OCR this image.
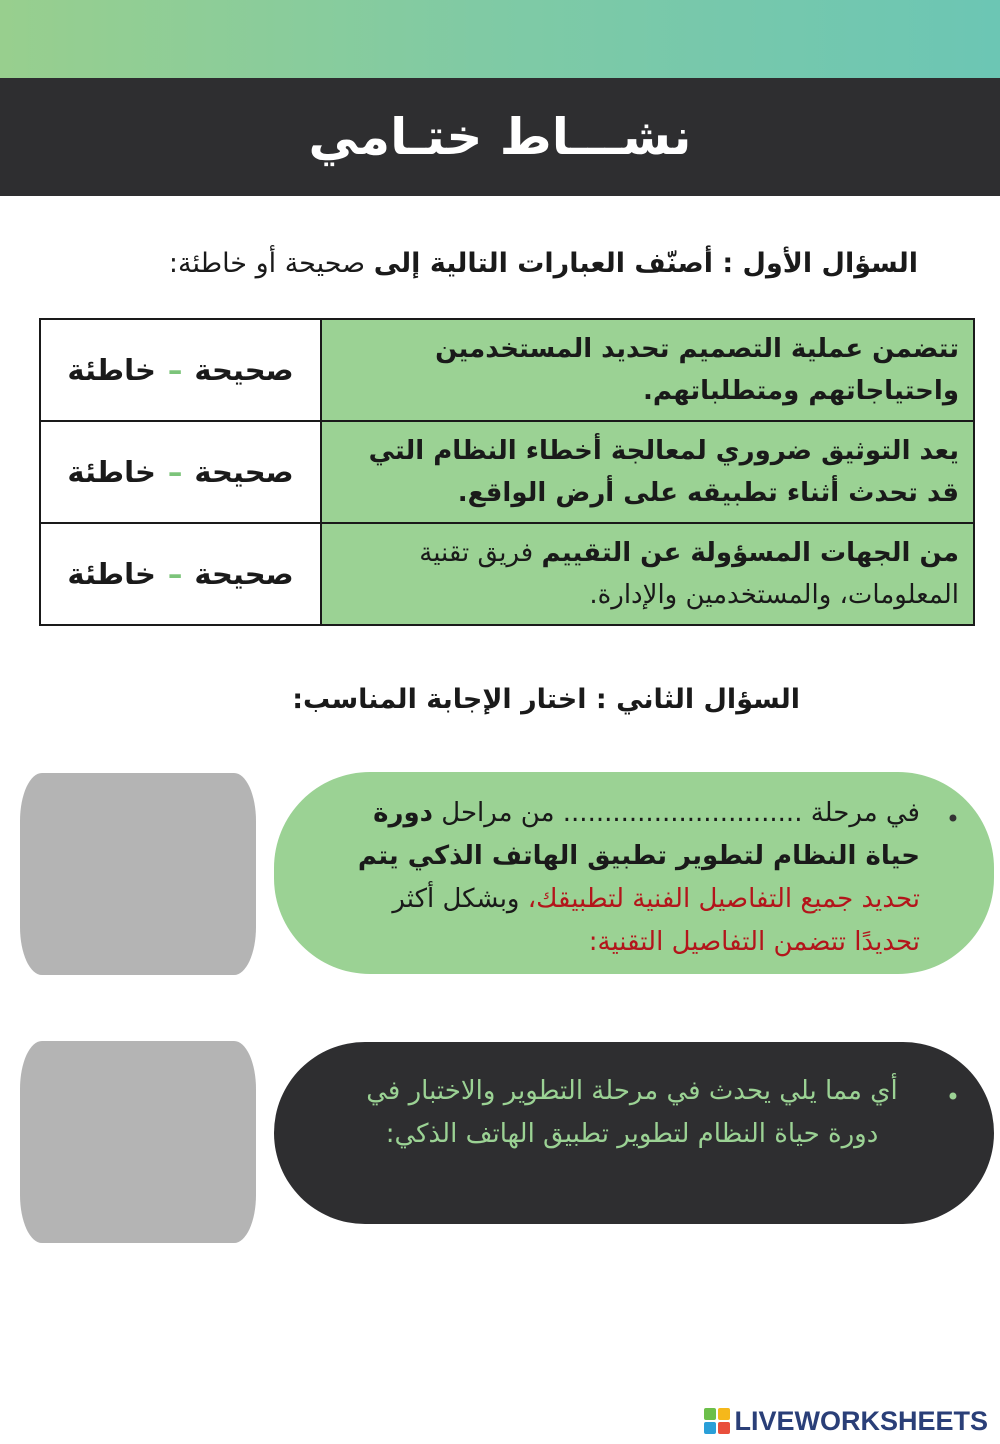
نشـــاط ختـامي
السؤال الأول : أصنّف العبارات التالية إلى صحيحة أو خاطئة:
صحيحة
–
خاطئة
تتضمن عملية التصميم تحديد المستخدمين واحتياجاتهم ومتطلباتهم.
صحيحة
–
خاطئة
يعد التوثيق ضروري لمعالجة أخطاء النظام التي قد تحدث أثناء تطبيقه على أرض الواقع.
صحيحة
–
خاطئة
من الجهات المسؤولة عن التقييم فريق تقنية المعلومات، والمستخدمين والإدارة.
السؤال الثاني : اختار الإجابة المناسب:
•
في مرحلة ............................. من مراحل دورة حياة النظام لتطوير تطبيق الهاتف الذكي يتم تحديد جميع التفاصيل الفنية لتطبيقك، وبشكل أكثر تحديدًا تتضمن التفاصيل التقنية:
•
أي مما يلي يحدث في مرحلة التطوير والاختبار في دورة حياة النظام لتطوير تطبيق الهاتف الذكي:
LIVEWORKSHEETS
